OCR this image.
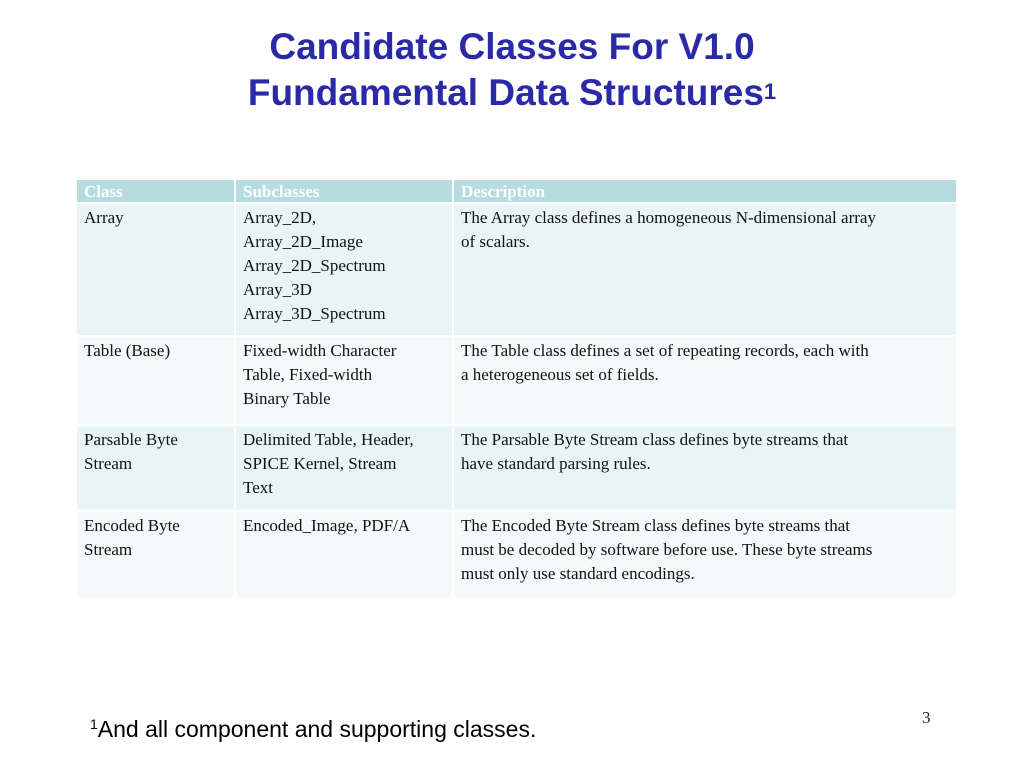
Candidate Classes For V1.0
Fundamental Data Structures$^1$
Class	Subclasses	Description

Array	Array_2D,
Array_2D_Image
Array_2D_Spectrum
Array_3D
Array_3D_Spectrum	The Array class defines a homogeneous N-dimensional array
of scalars.

Table (Base)	Fixed-width Character
Table, Fixed-width
Binary Table	The Table class defines a set of repeating records, each with
a heterogeneous set of fields.

Parsable Byte
Stream	Delimited Table, Header,
SPICE Kernel, Stream
Text	The Parsable Byte Stream class defines byte streams that
have standard parsing rules.

Encoded Byte
Stream	Encoded_Image, PDF/A	The Encoded Byte Stream class defines byte streams that
must be decoded by software before use. These byte streams
must only use standard encodings.
3
$^1$And all component and supporting classes.
